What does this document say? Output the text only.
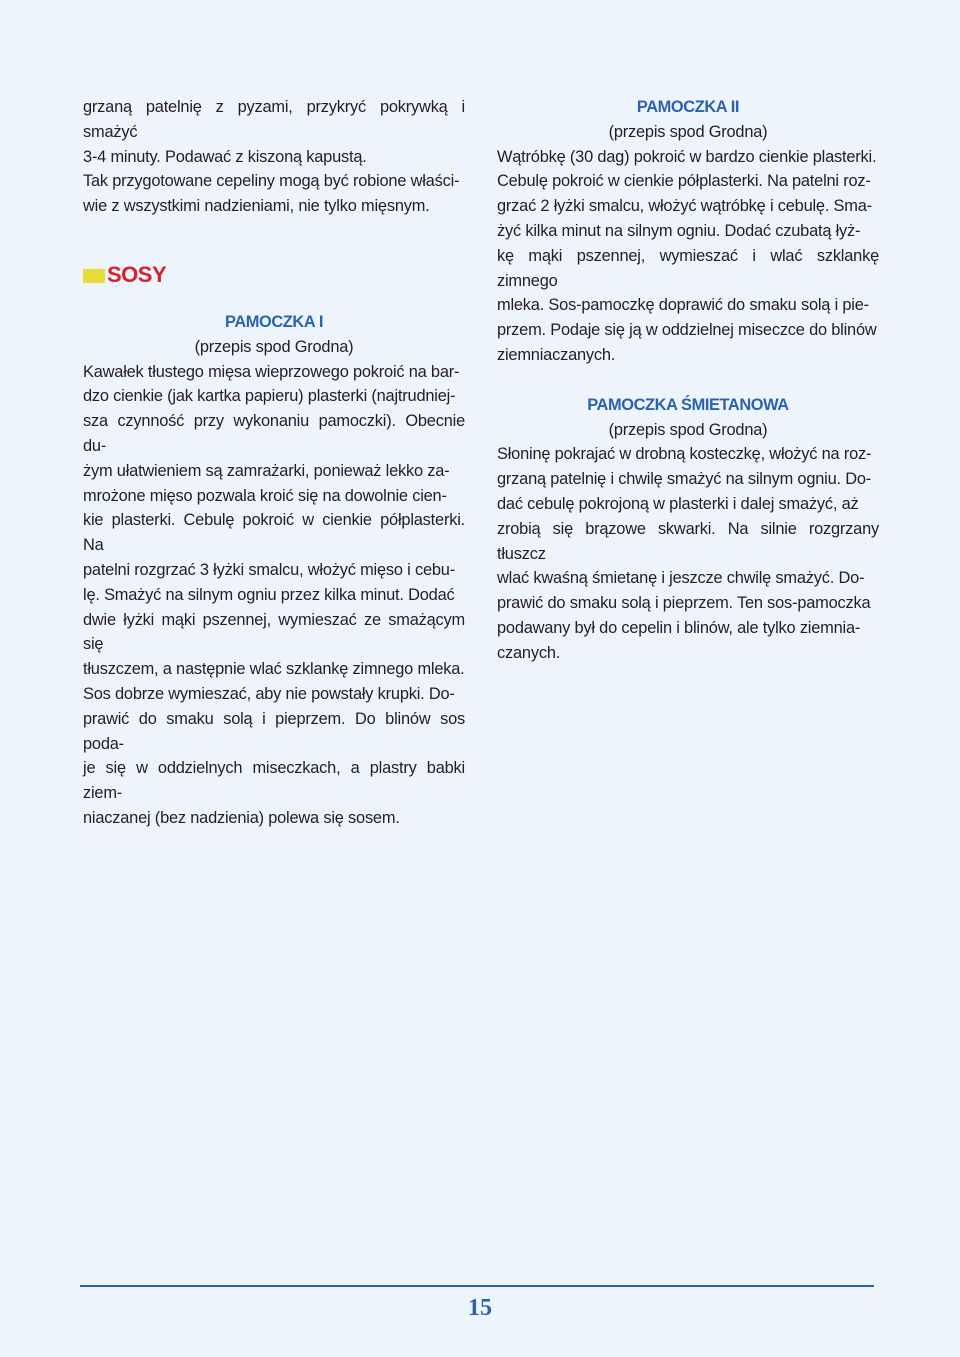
grzaną patelnię z pyzami, przykryć pokrywką i smażyć
3-4 minuty. Podawać z kiszoną kapustą.
Tak przygotowane cepeliny mogą być robione właści-
wie z wszystkimi nadzieniami, nie tylko mięsnym.

SOSY

PAMOCZKA I

(przepis spod Grodna)

Kawałek tłustego mięsa wieprzowego pokroić na bar-
dzo cienkie (jak kartka papieru) plasterki (najtrudniej-
sza czynność przy wykonaniu pamoczki). Obecnie du-
żym ułatwieniem są zamrażarki, ponieważ lekko za-
mrożone mięso pozwala kroić się na dowolnie cien-
kie plasterki. Cebulę pokroić w cienkie półplasterki. Na
patelni rozgrzać 3 łyżki smalcu, włożyć mięso i cebu-
lę. Smażyć na silnym ogniu przez kilka minut. Dodać
dwie łyżki mąki pszennej, wymieszać ze smażącym się
tłuszczem, a następnie wlać szklankę zimnego mleka.
Sos dobrze wymieszać, aby nie powstały krupki. Do-
prawić do smaku solą i pieprzem. Do blinów sos poda-
je się w oddzielnych miseczkach, a plastry babki ziem-
niaczanej (bez nadzienia) polewa się sosem.

PAMOCZKA II

(przepis spod Grodna)

Wątróbkę (30 dag) pokroić w bardzo cienkie plasterki.
Cebulę pokroić w cienkie półplasterki. Na patelni roz-
grzać 2 łyżki smalcu, włożyć wątróbkę i cebulę. Sma-
żyć kilka minut na silnym ogniu. Dodać czubatą łyż-
kę mąki pszennej, wymieszać i wlać szklankę zimnego
mleka. Sos-pamoczkę doprawić do smaku solą i pie-
przem. Podaje się ją w oddzielnej miseczce do blinów
ziemniaczanych.

PAMOCZKA ŚMIETANOWA

(przepis spod Grodna)

Słoninę pokrajać w drobną kosteczkę, włożyć na roz-
grzaną patelnię i chwilę smażyć na silnym ogniu. Do-
dać cebulę pokrojoną w plasterki i dalej smażyć, aż
zrobią się brązowe skwarki. Na silnie rozgrzany tłuszcz
wlać kwaśną śmietanę i jeszcze chwilę smażyć. Do-
prawić do smaku solą i pieprzem. Ten sos-pamoczka
podawany był do cepelin i blinów, ale tylko ziemnia-
czanych.

15
